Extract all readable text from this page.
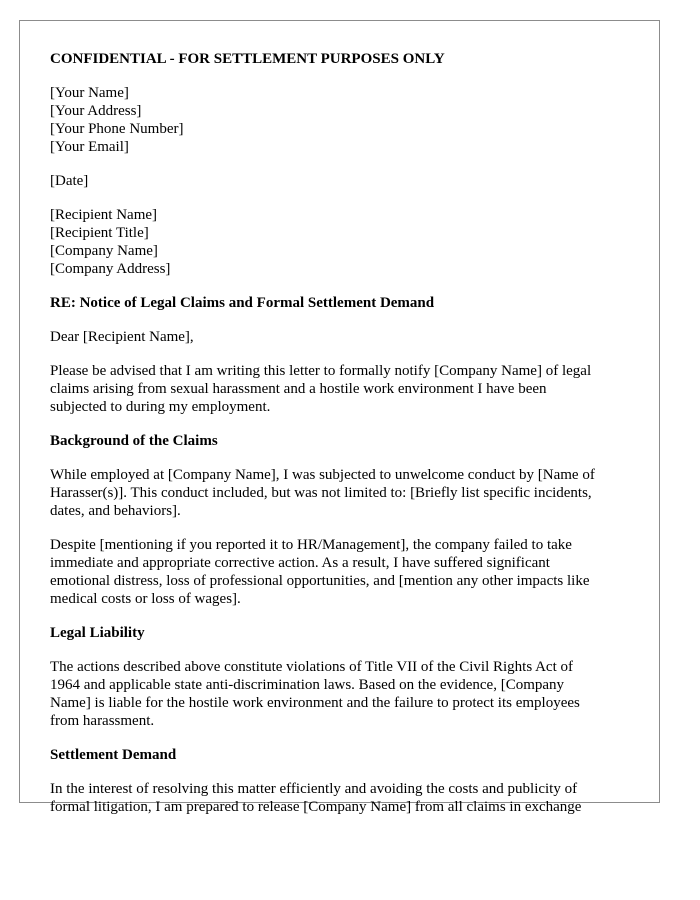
CONFIDENTIAL - FOR SETTLEMENT PURPOSES ONLY
[Your Name]
[Your Address]
[Your Phone Number]
[Your Email]
[Date]
[Recipient Name]
[Recipient Title]
[Company Name]
[Company Address]
RE: Notice of Legal Claims and Formal Settlement Demand
Dear [Recipient Name],
Please be advised that I am writing this letter to formally notify [Company Name] of legal
claims arising from sexual harassment and a hostile work environment I have been
subjected to during my employment.
Background of the Claims
While employed at [Company Name], I was subjected to unwelcome conduct by [Name of
Harasser(s)]. This conduct included, but was not limited to: [Briefly list specific incidents,
dates, and behaviors].
Despite [mentioning if you reported it to HR/Management], the company failed to take
immediate and appropriate corrective action. As a result, I have suffered significant
emotional distress, loss of professional opportunities, and [mention any other impacts like
medical costs or loss of wages].
Legal Liability
The actions described above constitute violations of Title VII of the Civil Rights Act of
1964 and applicable state anti-discrimination laws. Based on the evidence, [Company
Name] is liable for the hostile work environment and the failure to protect its employees
from harassment.
Settlement Demand
In the interest of resolving this matter efficiently and avoiding the costs and publicity of
formal litigation, I am prepared to release [Company Name] from all claims in exchange
